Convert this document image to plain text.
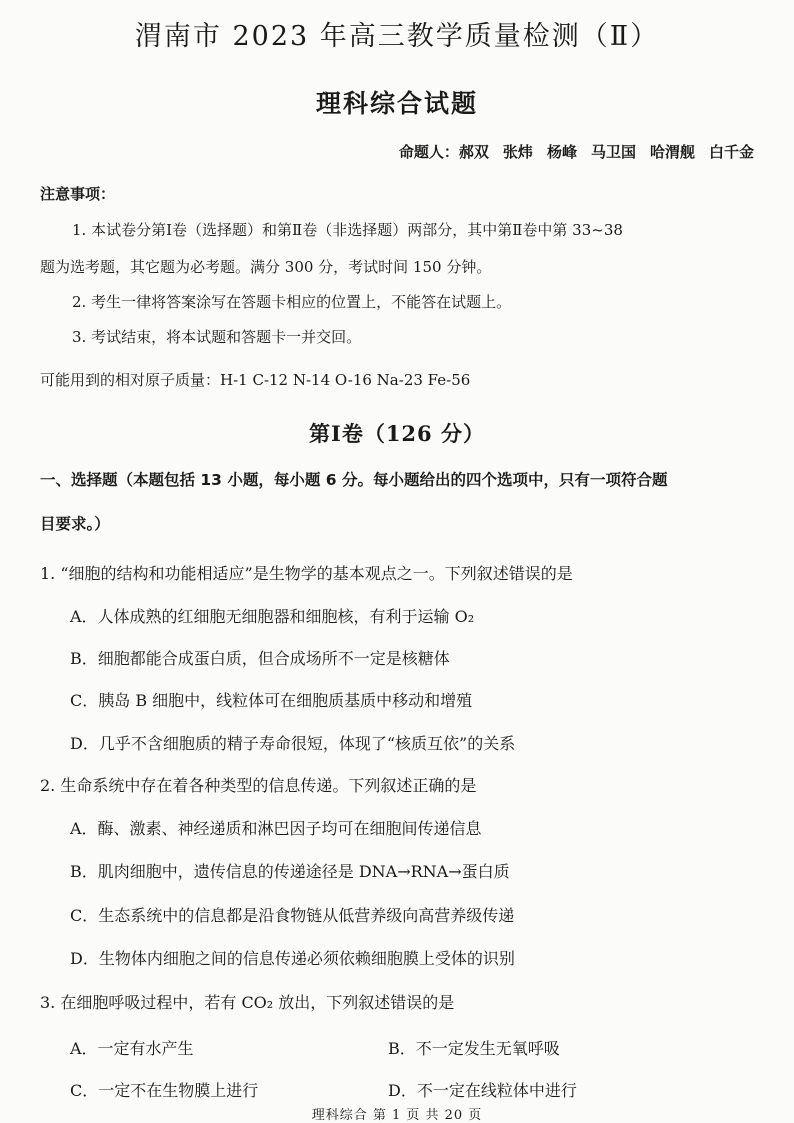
渭南市 2023 年高三教学质量检测（Ⅱ）
理科综合试题
命题人：郝双 张炜 杨峰 马卫国 哈渭舰 白千金
注意事项：
1. 本试卷分第Ⅰ卷（选择题）和第Ⅱ卷（非选择题）两部分，其中第Ⅱ卷中第 33~38
题为选考题，其它题为必考题。满分 300 分，考试时间 150 分钟。
2. 考生一律将答案涂写在答题卡相应的位置上，不能答在试题上。
3. 考试结束，将本试题和答题卡一并交回。
可能用到的相对原子质量：H-1 C-12 N-14 O-16 Na-23 Fe-56
第Ⅰ卷（126 分）
一、选择题（本题包括 13 小题，每小题 6 分。每小题给出的四个选项中，只有一项符合题
目要求。）
1. “细胞的结构和功能相适应”是生物学的基本观点之一。下列叙述错误的是
A．人体成熟的红细胞无细胞器和细胞核，有利于运输 O₂
B．细胞都能合成蛋白质，但合成场所不一定是核糖体
C．胰岛 B 细胞中，线粒体可在细胞质基质中移动和增殖
D．几乎不含细胞质的精子寿命很短，体现了“核质互依”的关系
2. 生命系统中存在着各种类型的信息传递。下列叙述正确的是
A．酶、激素、神经递质和淋巴因子均可在细胞间传递信息
B．肌肉细胞中，遗传信息的传递途径是 DNA→RNA→蛋白质
C．生态系统中的信息都是沿食物链从低营养级向高营养级传递
D．生物体内细胞之间的信息传递必须依赖细胞膜上受体的识别
3. 在细胞呼吸过程中，若有 CO₂ 放出，下列叙述错误的是
A．一定有水产生	B．不一定发生无氧呼吸
C．一定不在生物膜上进行	D．不一定在线粒体中进行
理科综合 第 1 页 共 20 页
